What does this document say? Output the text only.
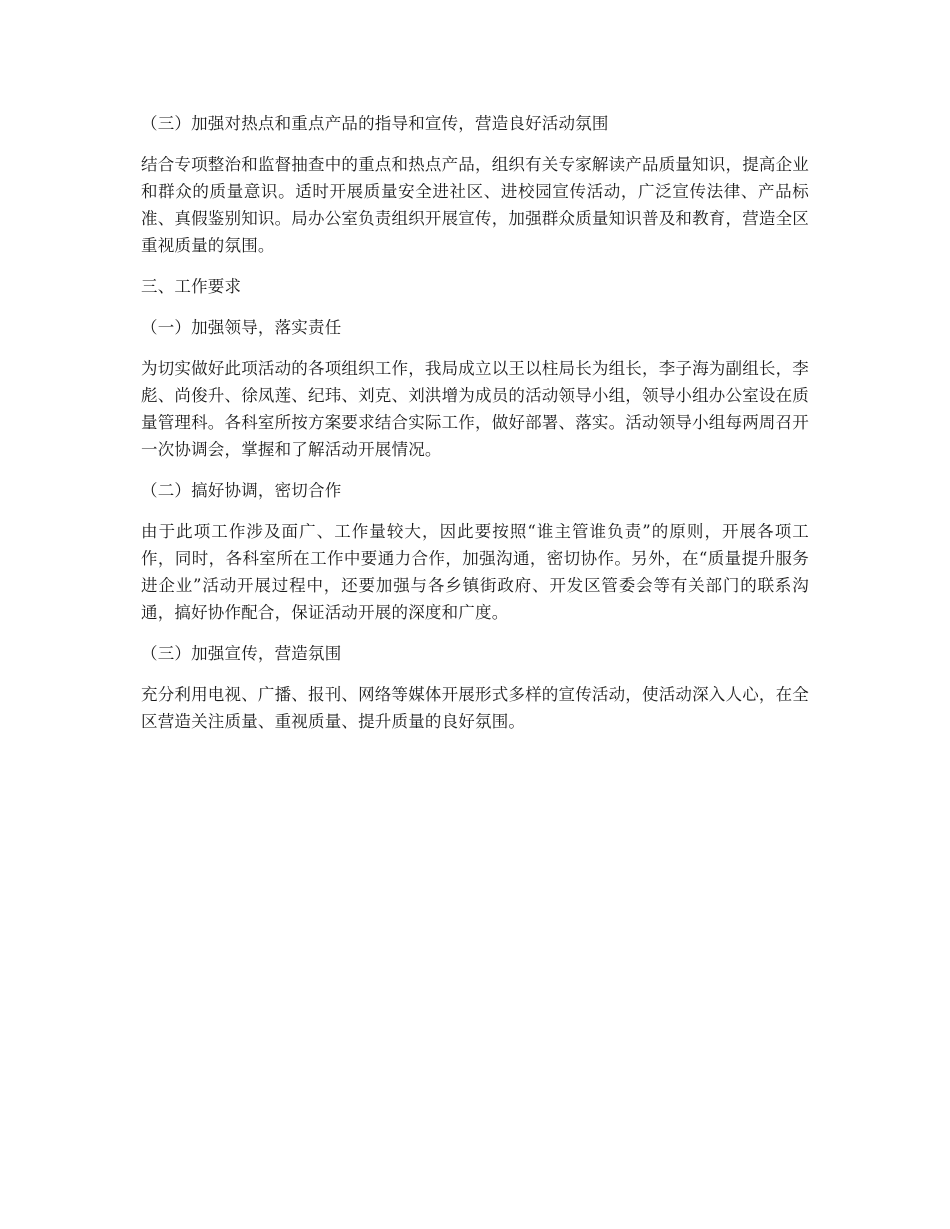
（三）加强对热点和重点产品的指导和宣传，营造良好活动氛围

结合专项整治和监督抽查中的重点和热点产品，组织有关专家解读产品质量知识，提高企业和群众的质量意识。适时开展质量安全进社区、进校园宣传活动，广泛宣传法律、产品标准、真假鉴别知识。局办公室负责组织开展宣传，加强群众质量知识普及和教育，营造全区重视质量的氛围。

三、工作要求

（一）加强领导，落实责任

为切实做好此项活动的各项组织工作，我局成立以王以柱局长为组长，李子海为副组长，李彪、尚俊升、徐凤莲、纪玮、刘克、刘洪增为成员的活动领导小组，领导小组办公室设在质量管理科。各科室所按方案要求结合实际工作，做好部署、落实。活动领导小组每两周召开一次协调会，掌握和了解活动开展情况。

（二）搞好协调，密切合作

由于此项工作涉及面广、工作量较大，因此要按照“谁主管谁负责”的原则，开展各项工作，同时，各科室所在工作中要通力合作，加强沟通，密切协作。另外，在“质量提升服务进企业”活动开展过程中，还要加强与各乡镇街政府、开发区管委会等有关部门的联系沟通，搞好协作配合，保证活动开展的深度和广度。

（三）加强宣传，营造氛围

充分利用电视、广播、报刊、网络等媒体开展形式多样的宣传活动，使活动深入人心，在全区营造关注质量、重视质量、提升质量的良好氛围。
